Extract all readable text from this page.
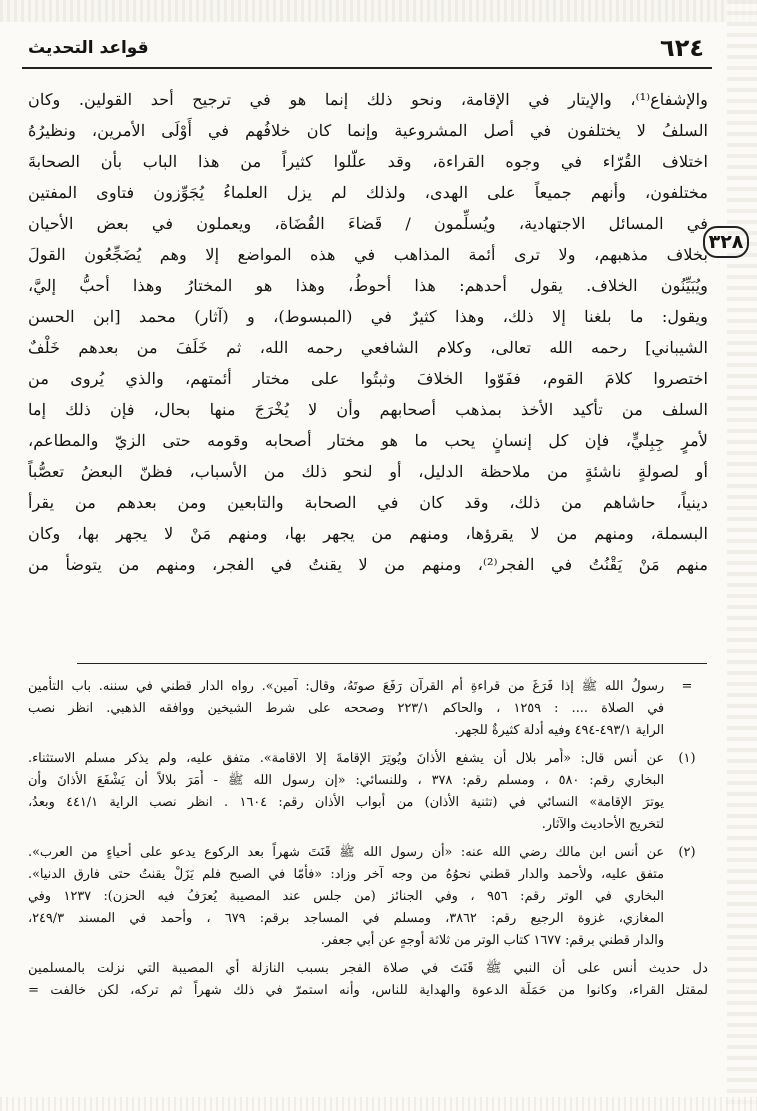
٦٢٤
قواعد التحديث
٣٢٨
والإشفاع⁽¹⁾، والإيتار في الإقامة، ونحو ذلك إنما هو في ترجيح أحد القولين. وكان
السلفُ لا يختلفون في أصل المشروعية وإنما كان خلافُهم في أَوْلَى الأمرين، ونظيرُهُ
اختلاف القُرّاء في وجوه القراءة، وقد علّلوا كثيراً من هذا الباب بأن الصحابةَ
مختلفون، وأنهم جميعاً على الهدى، ولذلك لم يزل العلماءُ يُجَوِّزون فتاوى المفتين
في المسائل الاجتهادية، ويُسلِّمون / قَضاءَ القُضَاة، ويعملون في بعض الأحيان
بخلاف مذهبهم، ولا ترى أئمة المذاهب في هذه المواضع إلا وهم يُضَجِّعُون القولَ
ويُبَيِّنُون الخلاف. يقول أحدهم: هذا أحوطُ، وهذا هو المختارُ وهذا أحبُّ إليَّ،
ويقول: ما بلغنا إلا ذلك، وهذا كثيرٌ في (المبسوط)، و (آثار) محمد [ابن الحسن
الشيباني] رحمه الله تعالى، وكلام الشافعي رحمه الله، ثم خَلَفَ من بعدهم خَلْفٌ
اختصروا كلامَ القوم، ففَوّوا الخلافَ وثبتُوا على مختار أئمتهم، والذي يُروى من
السلف من تأكيد الأخذ بمذهب أصحابهم وأن لا يُخْرَجَ منها بحال، فإن ذلك إما
لأمرٍ جِبِليٍّ، فإن كل إنسانٍ يحب ما هو مختار أصحابه وقومه حتى الزيّ والمطاعم،
أو لصولةٍ ناشئةٍ من ملاحظة الدليل، أو لنحو ذلك من الأسباب، فظنّ البعضُ تعصُّباً
دينياً، حاشاهم من ذلك، وقد كان في الصحابة والتابعين ومن بعدهم من يقرأ
البسملة، ومنهم من لا يقرؤها، ومنهم من يجهر بها، ومنهم مَنْ لا يجهر بها، وكان
منهم مَنْ يَقْنُتُ في الفجر⁽²⁾، ومنهم من لا يقنتُ في الفجر، ومنهم من يتوضأ من
=
رسولُ الله ﷺ إذا فَرَغَ من قراءةِ أم القرآن رَفَعَ صوتَهُ، وقال: آمين». رواه الدار قطني في سننه. باب التأمين
في الصلاة .... : ١٢٥٩ ، والحاكم ٢٢٣/١ وصححه على شرط الشيخين ووافقه الذهبي. انظر نصب
الراية ٤٩٣/١-٤٩٤ وفيه أدلة كثيرةٌ للجهر.
(١)
عن أنس قال: «أُمر بلال أن يشفع الأذانَ ويُوتِرَ الإقامةَ إلا الاقامة». متفق عليه، ولم يذكر مسلم الاستثناء.
البخاري رقم: ٥٨٠ ، ومسلم رقم: ٣٧٨ ، وللنسائي: «إن رسول الله ﷺ - أَمَرَ بلالاً أن يَشْفَعَ الأذانَ وأن
يوترَ الإقامة» النسائي في (تثنية الأذان) من أبواب الأذان رقم: ١٦٠٤ . انظر نصب الراية ٤٤١/١ وبعدُ،
لتخريج الأحاديث والآثار.
(٢)
عن أنس ابن مالك رضي الله عنه: «أن رسول الله ﷺ قَنَتَ شهراً بعد الركوع يدعو على أحياءٍ من العرب».
متفق عليه، ولأحمد والدار قطني نحوُهُ من وجه آخر وزاد: «فأمّا في الصبح فلم يَزَلْ يقنتُ حتى فارق الدنيا».
البخاري في الوتر رقم: ٩٥٦ ، وفي الجنائز (من جلس عند المصيبة يُعرَفُ فيه الحزن): ١٢٣٧ وفي
المغازي، غزوة الرجيع رقم: ٣٨٦٢، ومسلم في المساجد برقم: ٦٧٩ ، وأحمد في المسند ٢٤٩/٣،
والدار قطني برقم: ١٦٧٧ كتاب الوتر من ثلاثة أوجهٍ عن أبي جعفر.
دل حديث أنس على أن النبي ﷺ قَنَتَ في صلاة الفجر بسبب النازلة أي المصيبة التي نزلت بالمسلمين
لمقتل القراء، وكانوا من حَمَلَة الدعوة والهداية للناس، وأنه استمرّ في ذلك شهراً ثم تركه، لكن خالفت =
